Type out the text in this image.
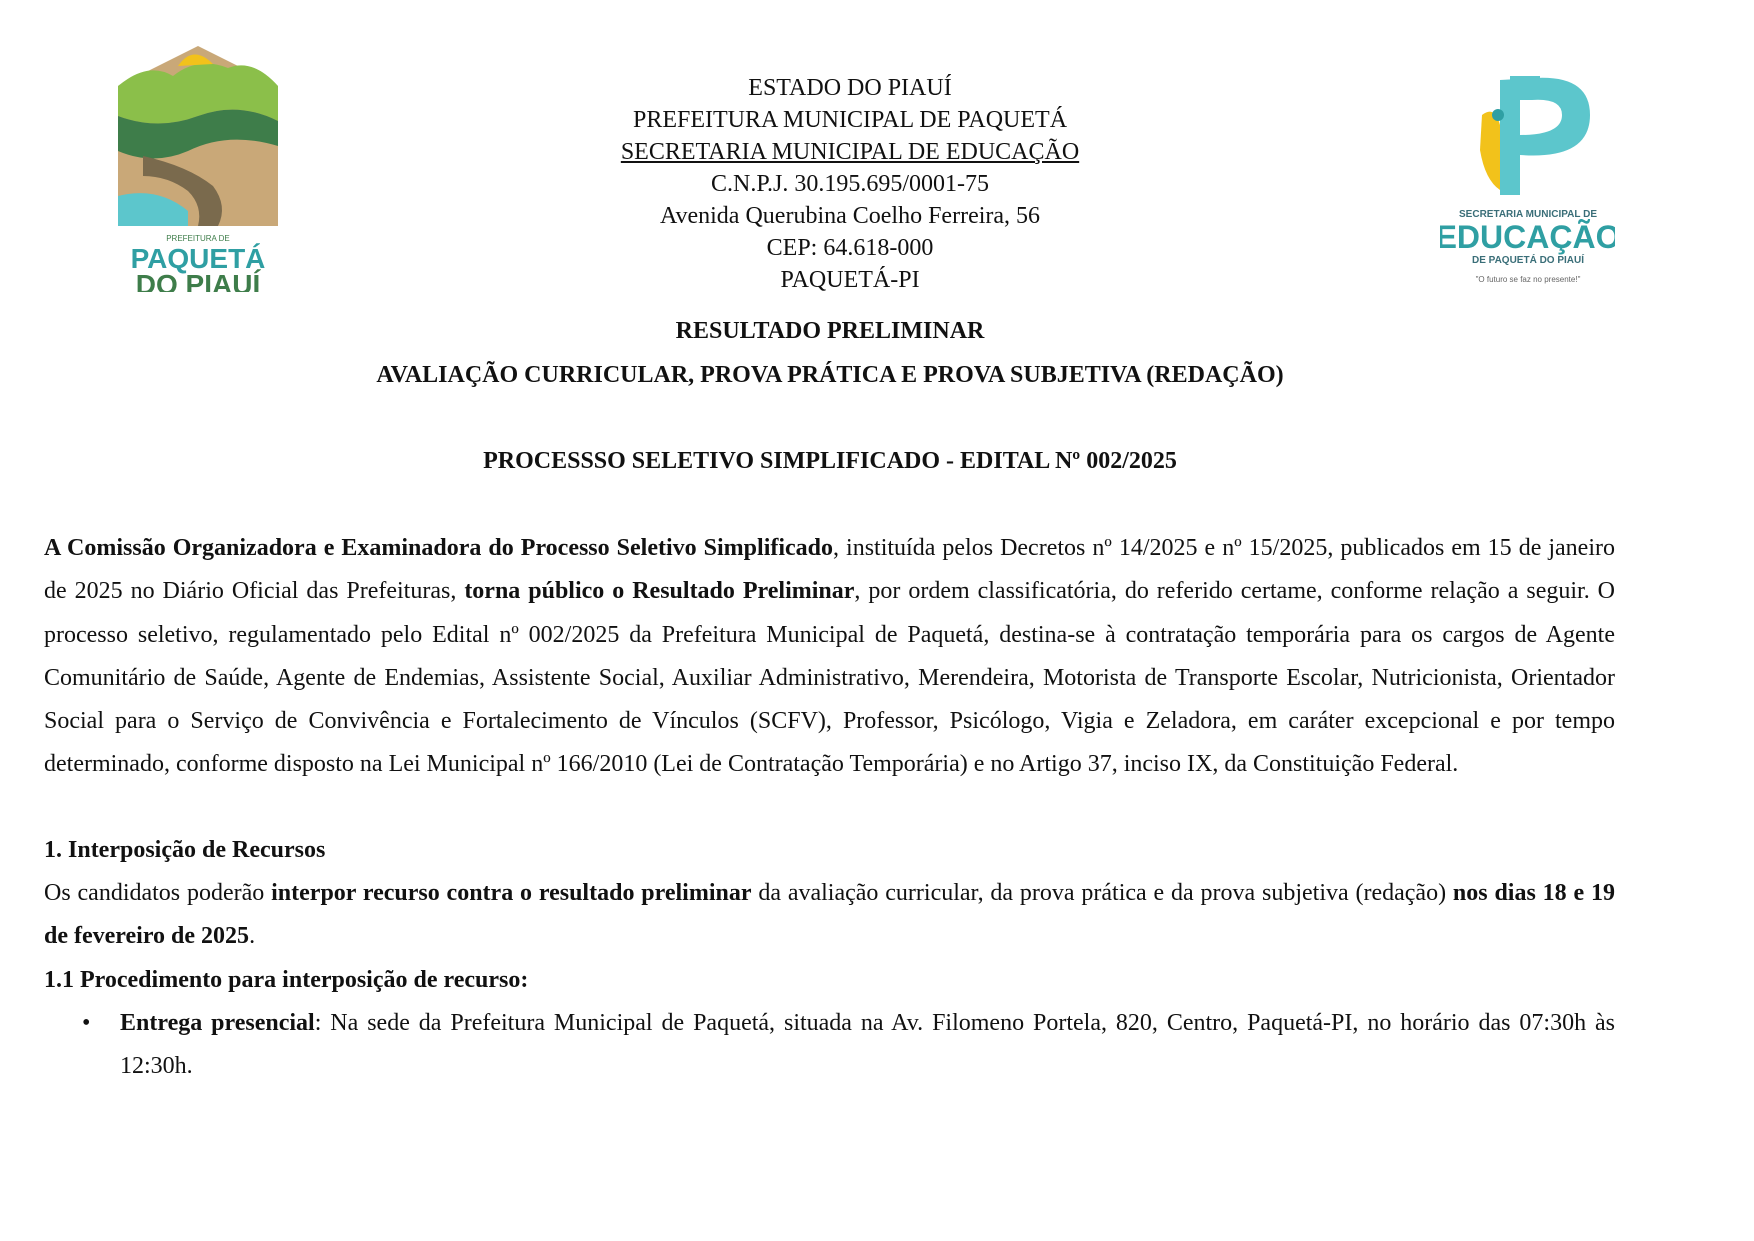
PREFEITURA DE
PAQUETÁ
DO PIAUÍ
ESTADO DO PIAUÍ
PREFEITURA MUNICIPAL DE PAQUETÁ
SECRETARIA MUNICIPAL DE EDUCAÇÃO
C.N.P.J. 30.195.695/0001-75
Avenida Querubina Coelho Ferreira, 56
CEP: 64.618-000
PAQUETÁ-PI
SECRETARIA MUNICIPAL DE
EDUCAÇÃO
DE PAQUETÁ DO PIAUÍ
"O futuro se faz no presente!"
RESULTADO PRELIMINAR
AVALIAÇÃO CURRICULAR, PROVA PRÁTICA E PROVA SUBJETIVA (REDAÇÃO)
PROCESSSO SELETIVO SIMPLIFICADO - EDITAL Nº 002/2025

A Comissão Organizadora e Examinadora do Processo Seletivo Simplificado, instituída pelos Decretos nº 14/2025 e nº 15/2025, publicados em 15 de janeiro de 2025 no Diário Oficial das Prefeituras, torna público o Resultado Preliminar, por ordem classificatória, do referido certame, conforme relação a seguir. O processo seletivo, regulamentado pelo Edital nº 002/2025 da Prefeitura Municipal de Paquetá, destina-se à contratação temporária para os cargos de Agente Comunitário de Saúde, Agente de Endemias, Assistente Social, Auxiliar Administrativo, Merendeira, Motorista de Transporte Escolar, Nutricionista, Orientador Social para o Serviço de Convivência e Fortalecimento de Vínculos (SCFV), Professor, Psicólogo, Vigia e Zeladora, em caráter excepcional e por tempo determinado, conforme disposto na Lei Municipal nº 166/2010 (Lei de Contratação Temporária) e no Artigo 37, inciso IX, da Constituição Federal.

1. Interposição de Recursos
Os candidatos poderão interpor recurso contra o resultado preliminar da avaliação curricular, da prova prática e da prova subjetiva (redação) nos dias 18 e 19 de fevereiro de 2025.
1.1 Procedimento para interposição de recurso:
• Entrega presencial: Na sede da Prefeitura Municipal de Paquetá, situada na Av. Filomeno Portela, 820, Centro, Paquetá-PI, no horário das 07:30h às 12:30h.
